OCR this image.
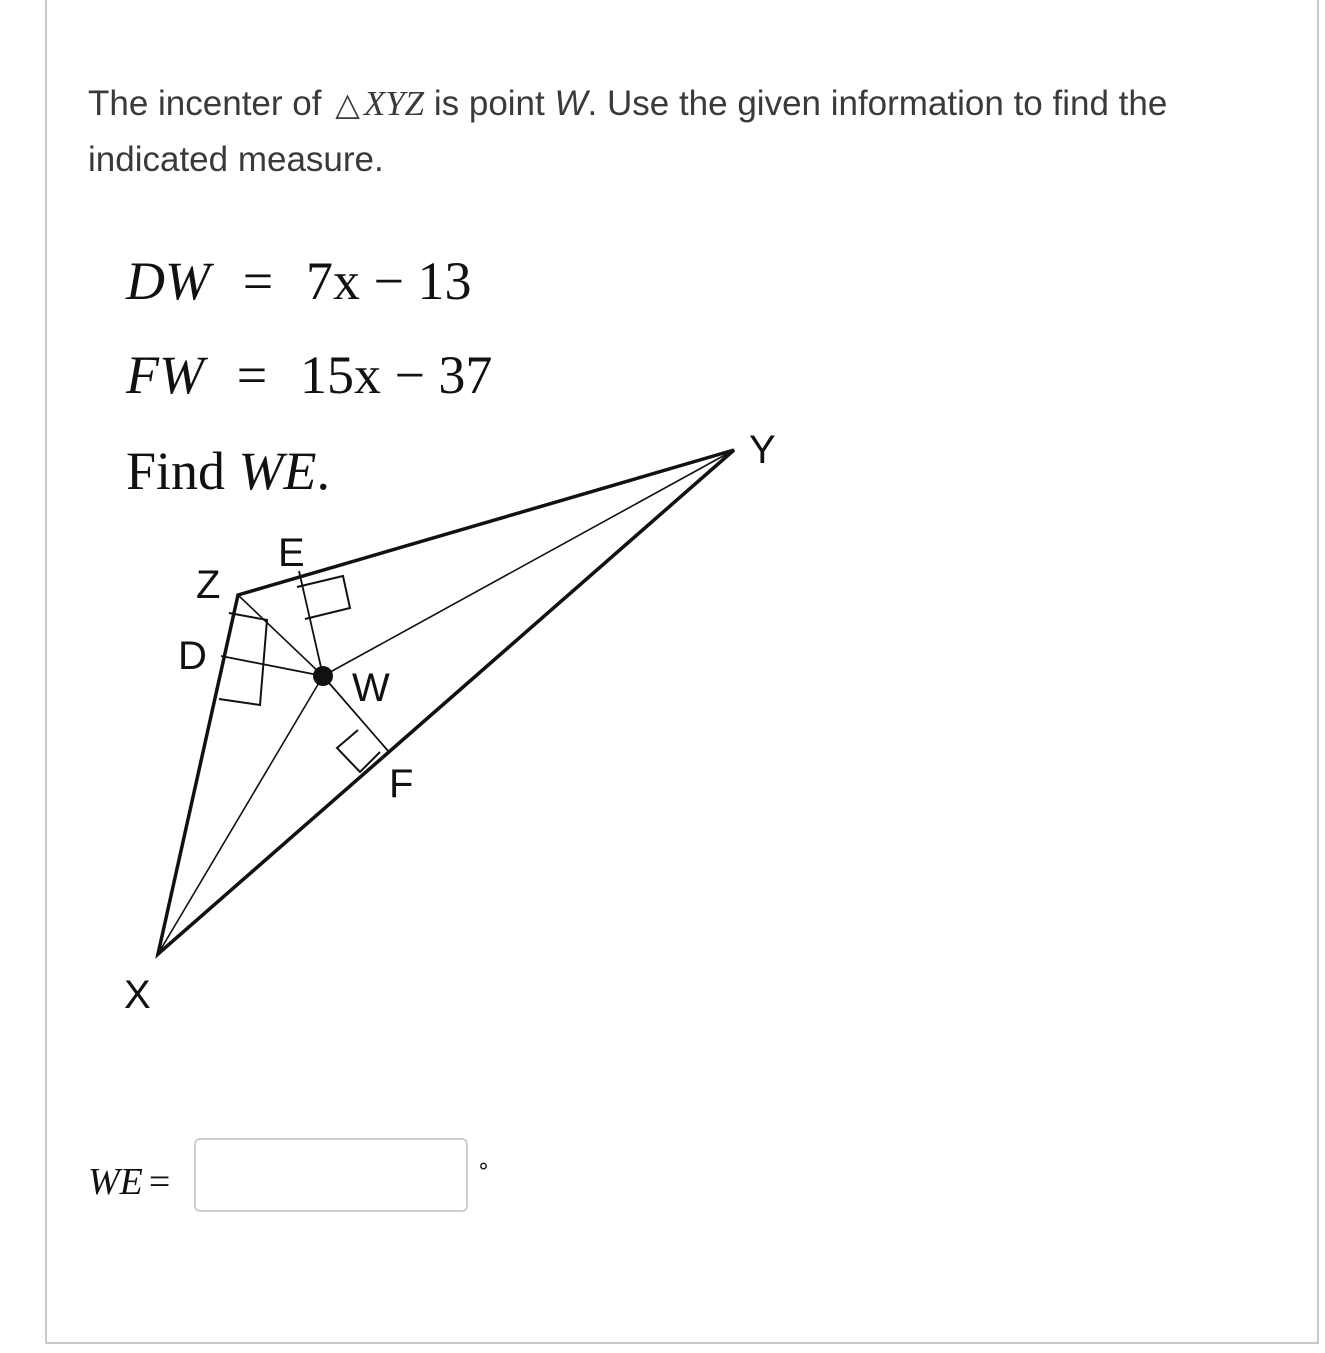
The incenter of △ XYZ is point W. Use the given information to find the indicated measure.
DW = 7x − 13
FW = 15x − 37
Find WE.
X
Y
Z
D
E
F
W
WE =	°
